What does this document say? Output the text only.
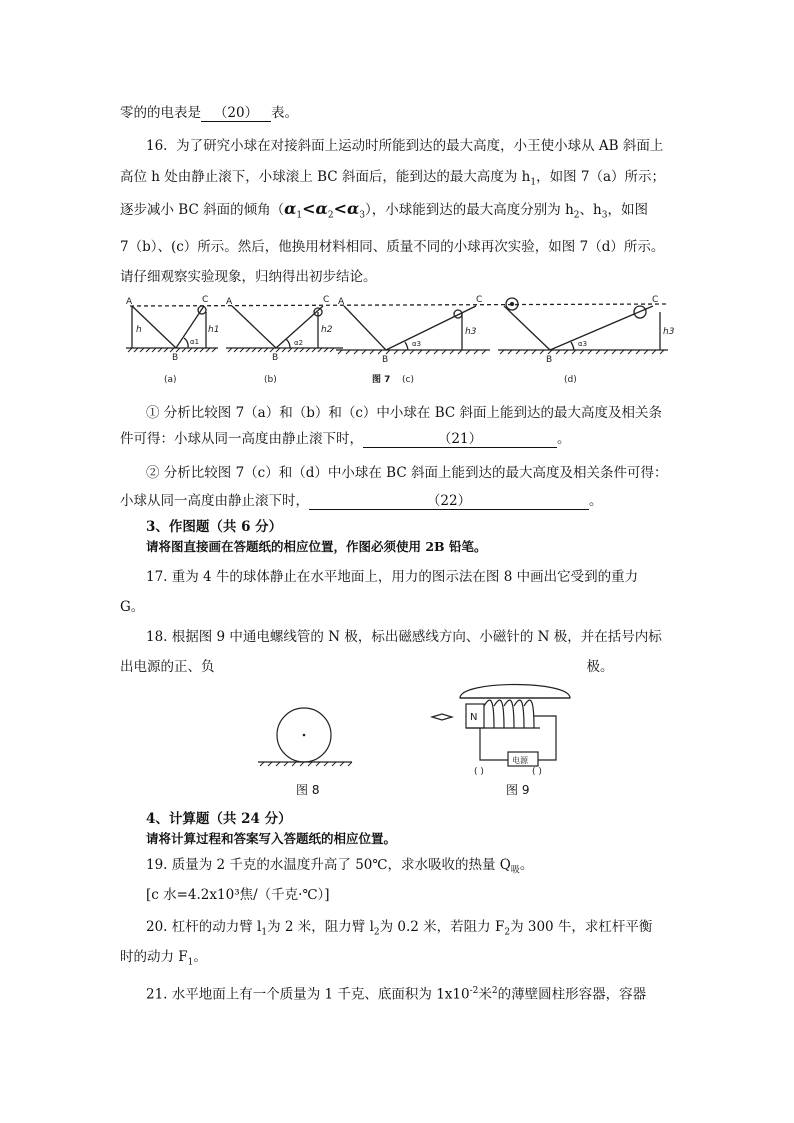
零的的电表是 （20） 表。
16. 为了研究小球在对接斜面上运动时所能到达的最大高度，小王使小球从 AB 斜面上
高位 h 处由静止滚下，小球滚上 BC 斜面后，能到达的最大高度为 $h_1$，如图 7（a）所示；
逐步减小 BC 斜面的倾角$(\alpha_1<\alpha_2<\alpha_3)$，小球能到达的最大高度分别为 $h_2$、$h_3$，如图
7（b）、(c）所示。然后，他换用材料相同、质量不同的小球再次实验，如图 7（d）所示。
请仔细观察实验现象，归纳得出初步结论。
A	C
B
h	h1
α1
A	C
B
h2
α2
A	C
B
h3
α3
C
B
h3
α3
(a)	(b)	图 7 (c)	(d)
① 分析比较图 7（a）和（b）和（c）中小球在 BC 斜面上能到达的最大高度及相关条
件可得：小球从同一高度由静止滚下时，	（21）	。
② 分析比较图 7（c）和（d）中小球在 BC 斜面上能到达的最大高度及相关条件可得：
小球从同一高度由静止滚下时，	（22）	。
3、作图题（共 6 分）
请将图直接画在答题纸的相应位置，作图必须使用 2B 铅笔。
17. 重为 4 牛的球体静止在水平地面上，用力的图示法在图 8 中画出它受到的重力
G。
18. 根据图 9 中通电螺线管的 N 极，标出磁感线方向、小磁针的 N 极，并在括号内标
出电源的正、负	极。
图 8
N
电源
( )	( )
图 9
4、计算题（共 24 分）
请将计算过程和答案写入答题纸的相应位置。
19. 质量为 2 千克的水温度升高了 50℃，求水吸收的热量 $Q_吸$。
[c 水=4.2x10³焦/（千克·℃）]
20. 杠杆的动力臂 $l_1$为 2 米，阻力臂 $l_2$为 0.2 米，若阻力 $F_2$为 300 牛，求杠杆平衡
时的动力 $F_1$。
21. 水平地面上有一个质量为 1 千克、底面积为 $1x10^{-2}$米$^2$的薄壁圆柱形容器，容器
